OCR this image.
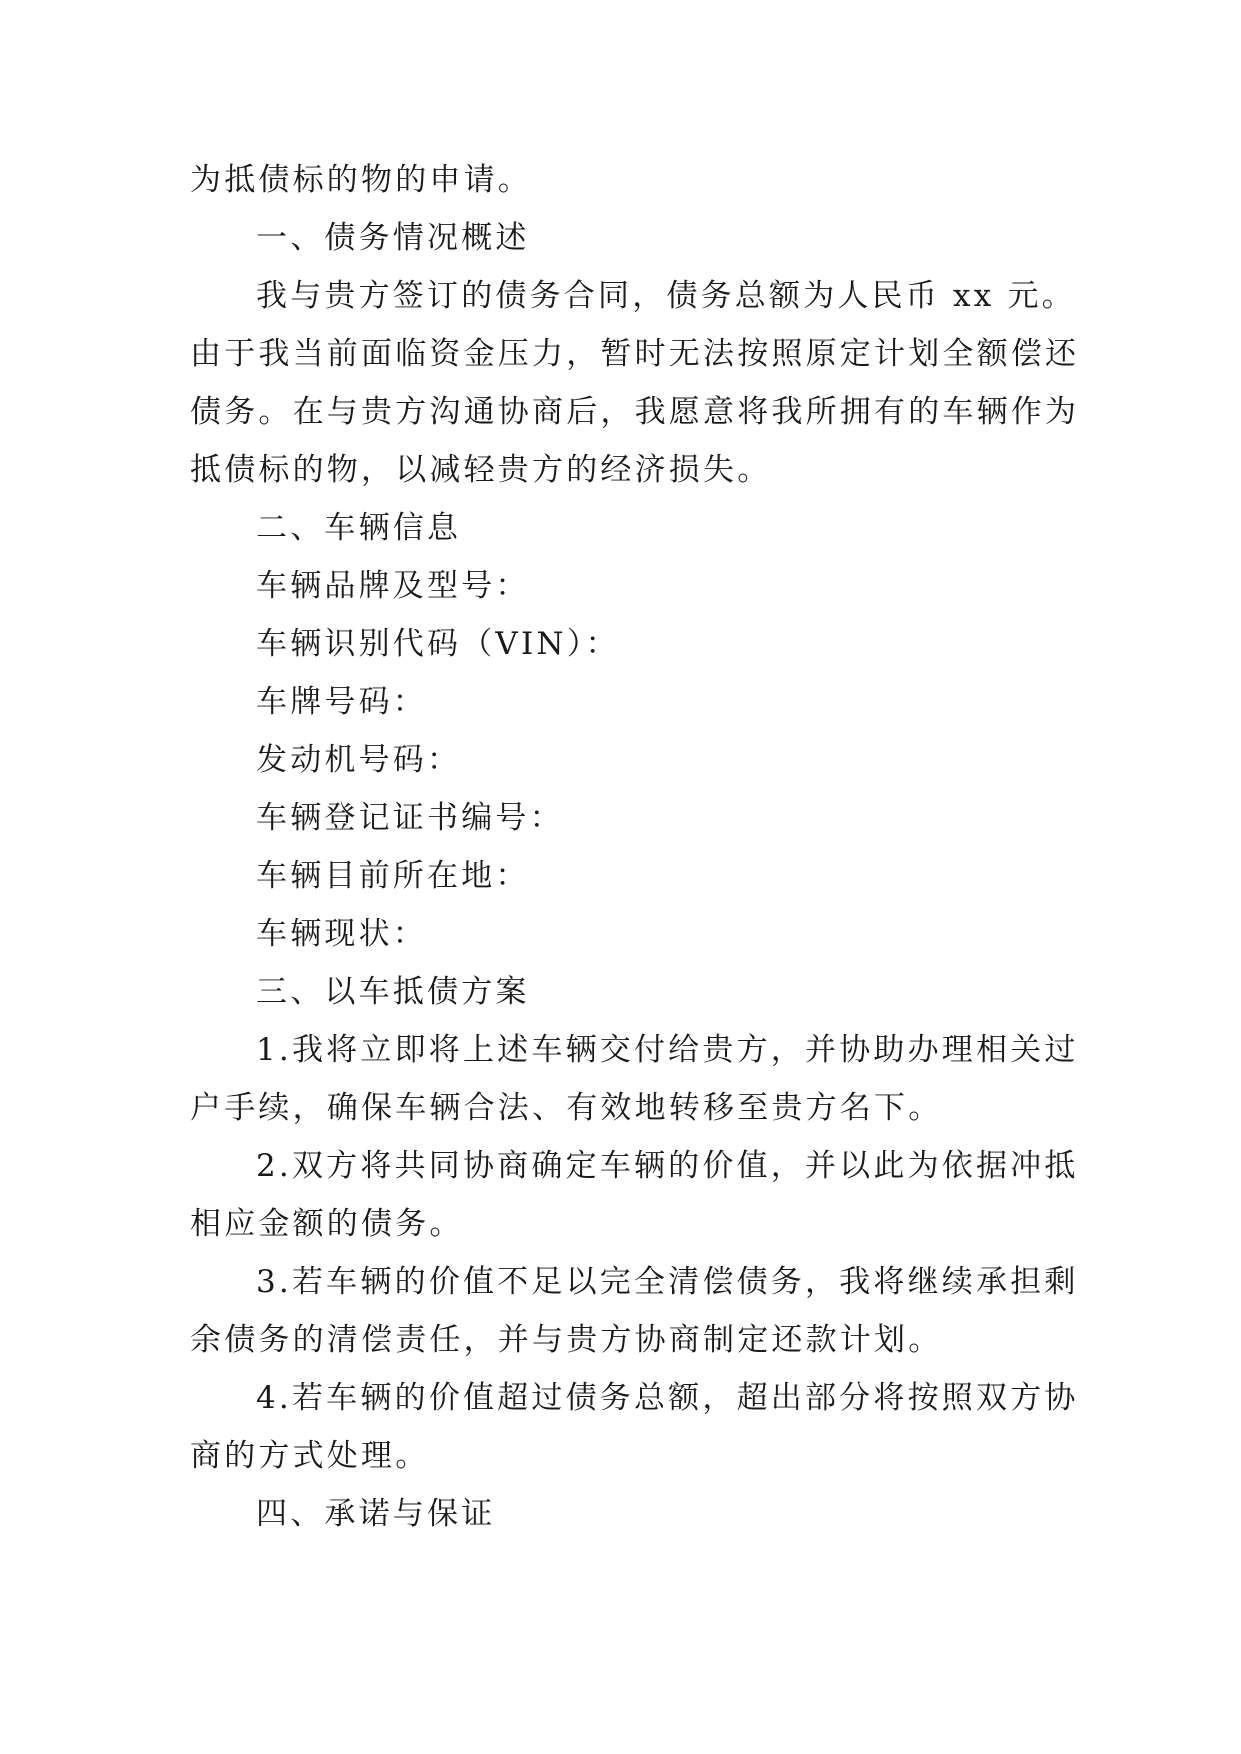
为抵债标的物的申请。
一、债务情况概述
我与贵方签订的债务合同，债务总额为人民币 xx 元。
由于我当前面临资金压力，暂时无法按照原定计划全额偿还
债务。在与贵方沟通协商后，我愿意将我所拥有的车辆作为
抵债标的物，以减轻贵方的经济损失。
二、车辆信息
车辆品牌及型号：
车辆识别代码（VIN）：
车牌号码：
发动机号码：
车辆登记证书编号：
车辆目前所在地：
车辆现状：
三、以车抵债方案
1.我将立即将上述车辆交付给贵方，并协助办理相关过
户手续，确保车辆合法、有效地转移至贵方名下。
2.双方将共同协商确定车辆的价值，并以此为依据冲抵
相应金额的债务。
3.若车辆的价值不足以完全清偿债务，我将继续承担剩
余债务的清偿责任，并与贵方协商制定还款计划。
4.若车辆的价值超过债务总额，超出部分将按照双方协
商的方式处理。
四、承诺与保证
